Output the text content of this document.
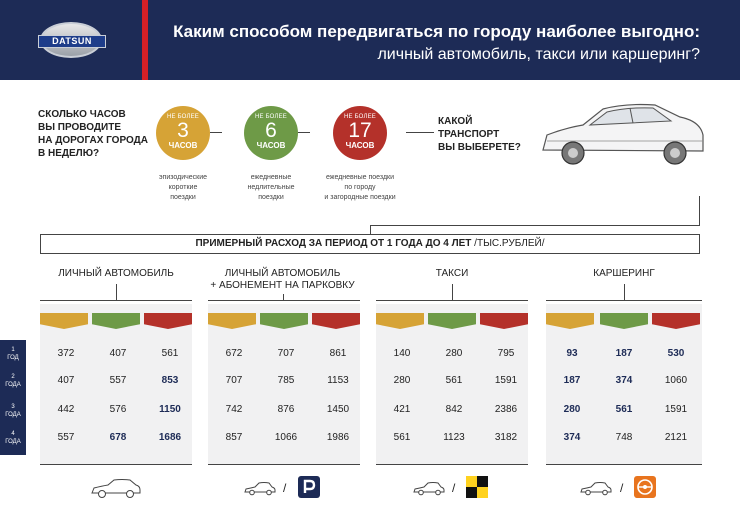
DATSUN	Каким способом передвигаться по городу наиболее выгодно:
личный автомобиль, такси или каршеринг?
СКОЛЬКО ЧАСОВ
ВЫ ПРОВОДИТЕ
НА ДОРОГАХ ГОРОДА
В НЕДЕЛЮ?
НЕ БОЛЕЕ
3
ЧАСОВ
НЕ БОЛЕЕ
6
ЧАСОВ
НЕ БОЛЕЕ
17
ЧАСОВ
эпизодические
короткие
поездки
ежедневные
недлительные
поездки
ежедневные поездки
по городу
и загородные поездки
КАКОЙ
ТРАНСПОРТ
ВЫ ВЫБЕРЕТЕ?
ПРИМЕРНЫЙ РАСХОД ЗА ПЕРИОД ОТ 1 ГОДА ДО 4 ЛЕТ /ТЫС.РУБЛЕЙ/
ЛИЧНЫЙ АВТОМОБИЛЬ	ЛИЧНЫЙ АВТОМОБИЛЬ
+ АБОНЕМЕНТ НА ПАРКОВКУ
ТАКСИ	КАРШЕРИНГ
1
ГОД
2
ГОДА
3
ГОДА
4
ГОДА
372	407	561
407	557	853
442	576	1150
557	678	1686
672	707	861
707	785	1153
742	876	1450
857	1066	1986
140	280	795
280	561	1591
421	842	2386
561	1123	3182
93	187	530
187	374	1060
280	561	1591
374	748	2121
/	/	/
